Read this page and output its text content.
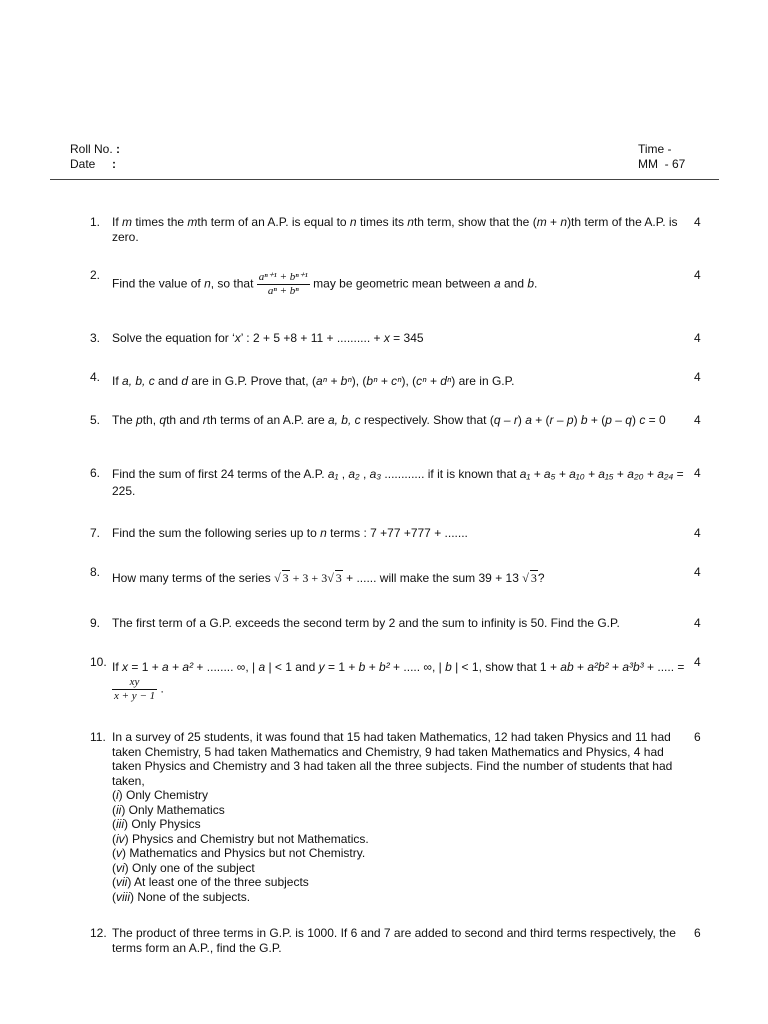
Roll No. :
Date :
Time -
MM  - 67
1. If m times the mth term of an A.P. is equal to n times its nth term, show that the (m + n)th term of the A.P. is zero.
4
2.
Find the value of n, so that $\frac{\text{aⁿ⁺¹ + bⁿ⁺¹}}{\text{aⁿ + bⁿ}}$ may be geometric mean between a and b.
4
3. Solve the equation for ‘x’ : 2 + 5 +8 + 11 + .......... + x = 345	4
4. If a, b, c and d are in G.P. Prove that, (aⁿ + bⁿ), (bⁿ + cⁿ), (cⁿ + dⁿ) are in G.P.	4
5. The pth, qth and rth terms of an A.P. are a, b, c respectively. Show that (q – r) a + (r – p) b + (p – q) c = 0	4
6. Find the sum of first 24 terms of the A.P. a₁ , a₂ , a₃ ............ if it is known that a₁ + a₅ + a₁₀ + a₁₅ + a₂₀ + a₂₄ = 225.
4
7. Find the sum the following series up to n terms : 7 +77 +777 + .......	4
8. How many terms of the series √ 3 + 3 + 3√ 3 + ...... will make the sum 39 + 13 √ 3?	4
9. The first term of a G.P. exceeds the second term by 2 and the sum to infinity is 50. Find the G.P.	4
10. If x = 1 + a + a² + ........ ∞, | a | < 1 and y = 1 + b + b² + ..... ∞, | b | < 1, show that 1 + ab + a²b² + a³b³ + ..... =
$\frac{xy}{x + y - 1}$ .
4
11. In a survey of 25 students, it was found that 15 had taken Mathematics, 12 had taken Physics and 11 had taken Chemistry, 5 had taken Mathematics and Chemistry, 9 had taken Mathematics and Physics, 4 had taken Physics and Chemistry and 3 had taken all the three subjects. Find the number of students that had taken,
(i) Only Chemistry
(ii) Only Mathematics
(iii) Only Physics
(iv) Physics and Chemistry but not Mathematics.
(v) Mathematics and Physics but not Chemistry.
(vi) Only one of the subject
(vii) At least one of the three subjects
(viii) None of the subjects.
6
12. The product of three terms in G.P. is 1000. If 6 and 7 are added to second and third terms respectively, the terms form an A.P., find the G.P.
6
